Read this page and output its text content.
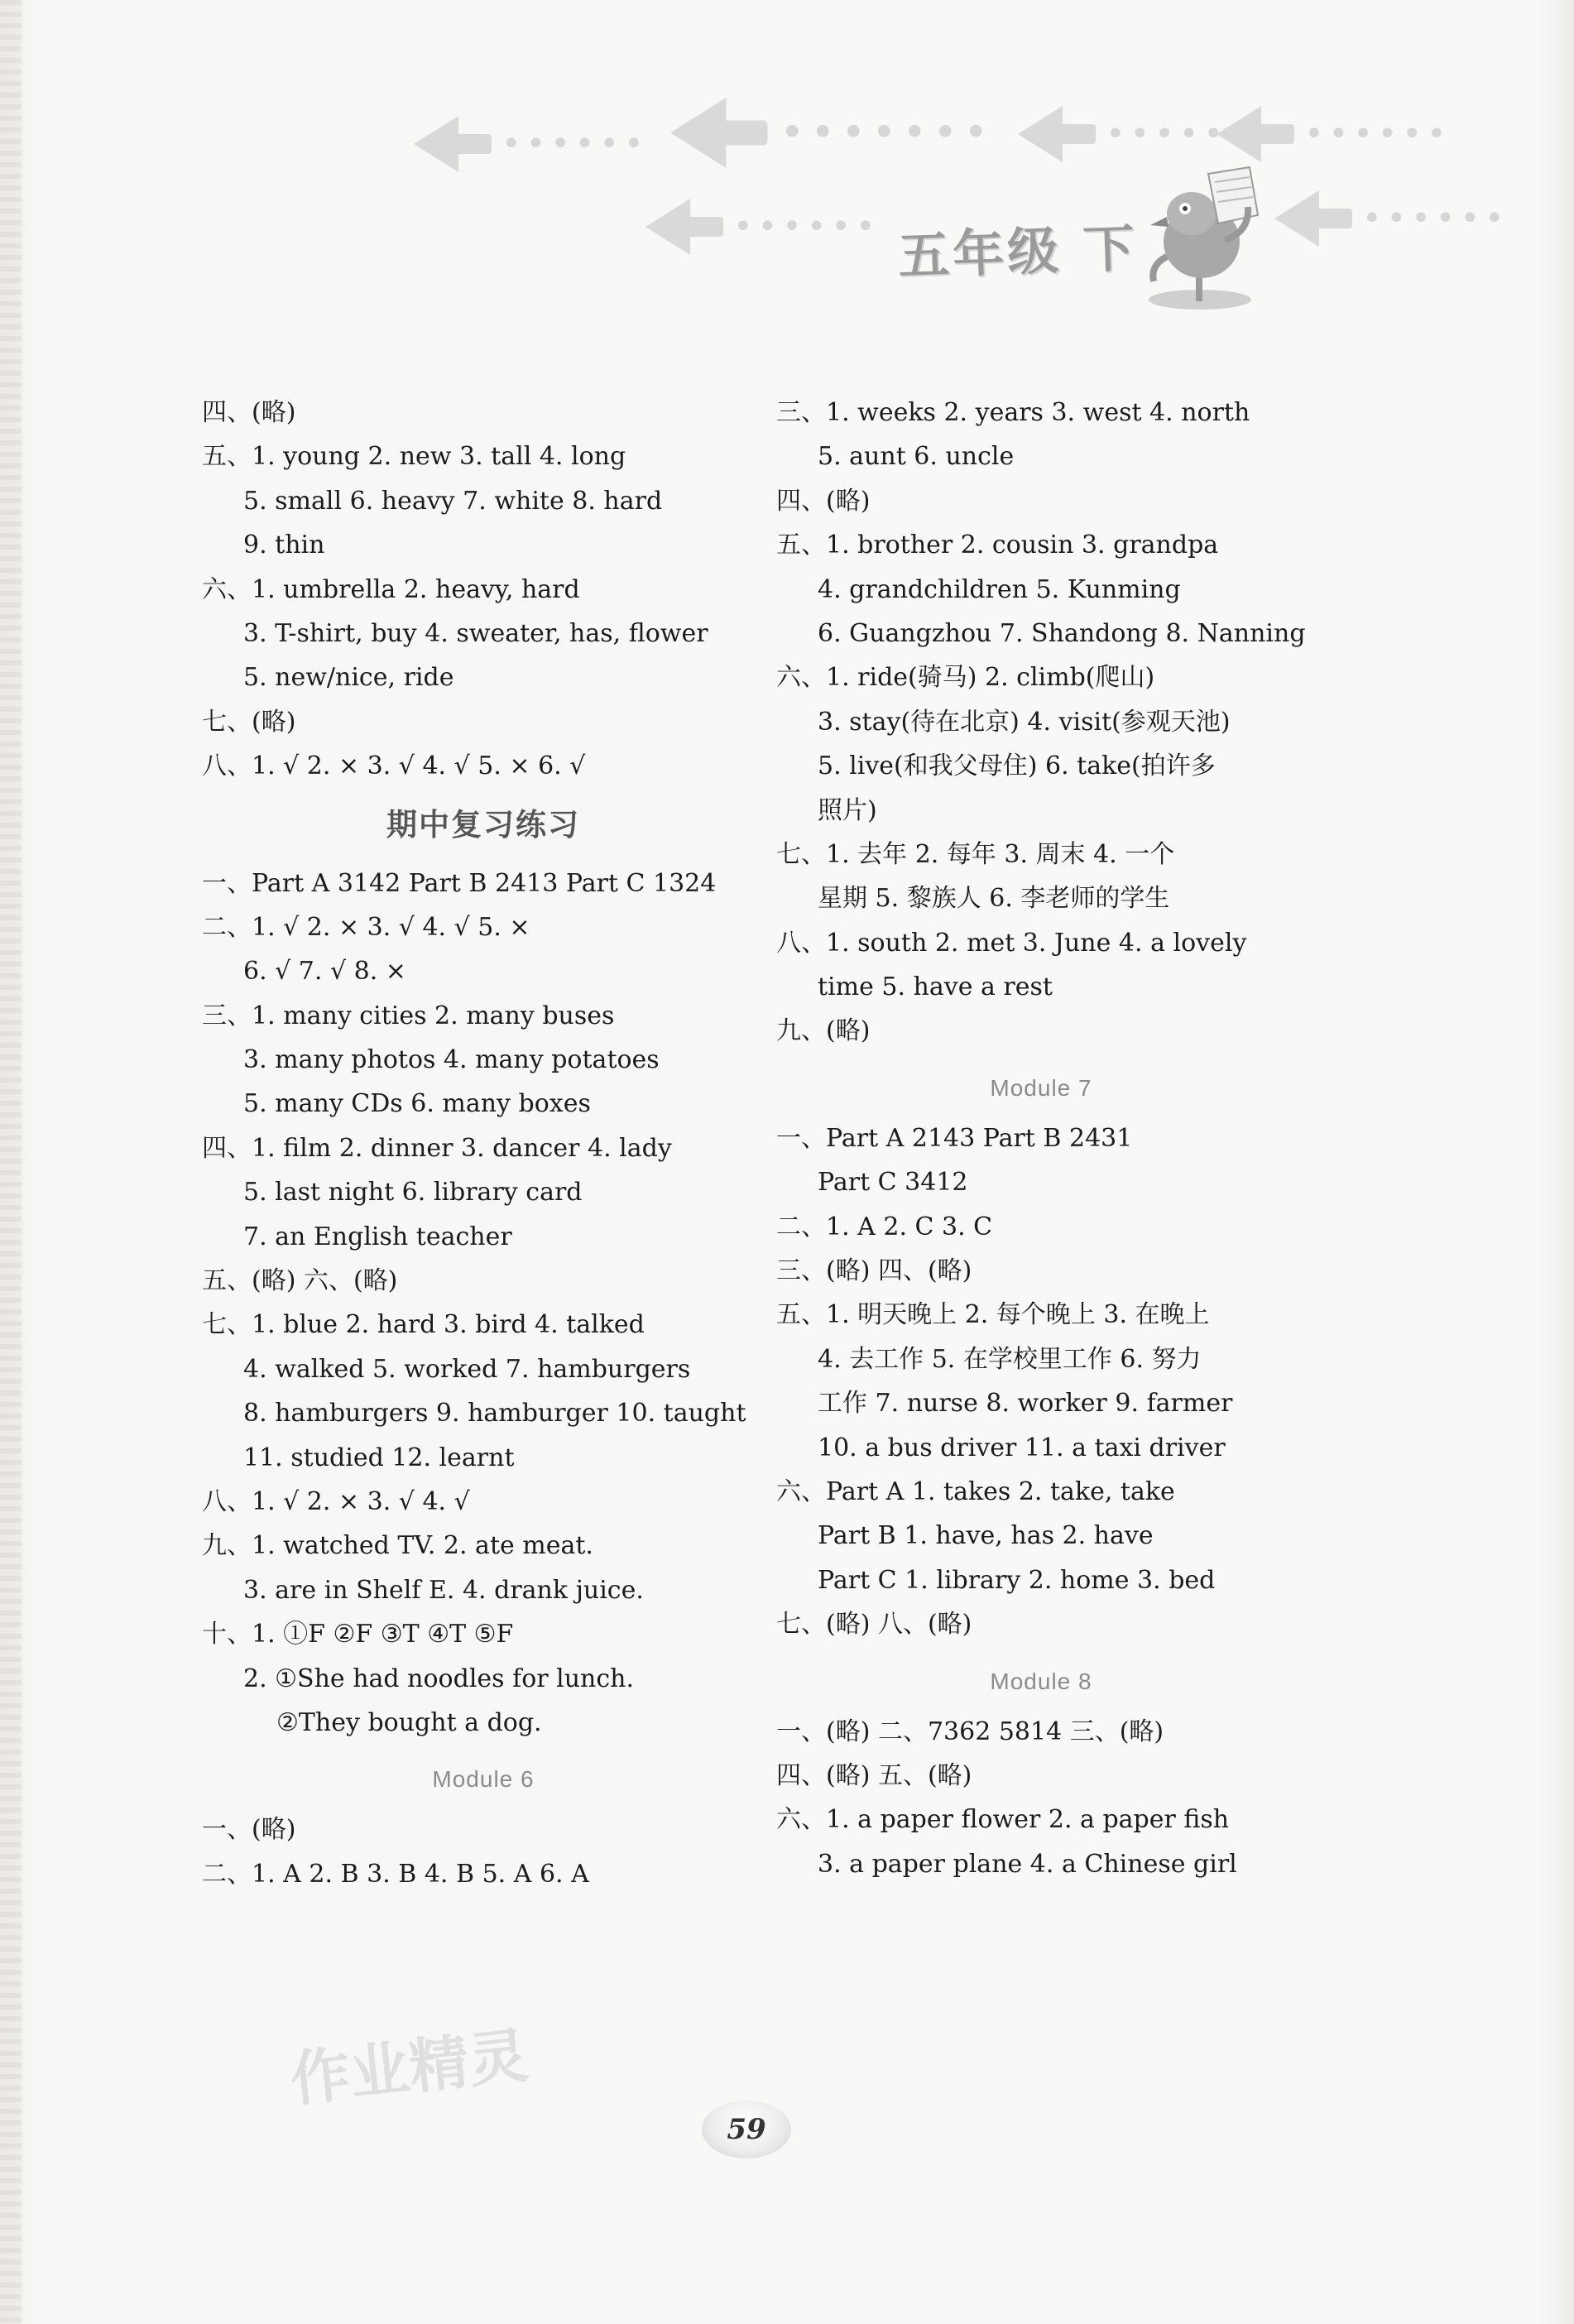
••••••	•••••••	•••••• ••••••
••••••	••••••
五年级 下
四、(略)
五、1. young 2. new 3. tall 4. long
5. small 6. heavy 7. white 8. hard
9. thin
六、1. umbrella 2. heavy, hard
3. T-shirt, buy 4. sweater, has, flower
5. new/nice, ride
七、(略)
八、1. √ 2. × 3. √ 4. √ 5. × 6. √
期中复习练习
一、Part A 3142 Part B 2413 Part C 1324
二、1. √ 2. × 3. √ 4. √ 5. ×
6. √ 7. √ 8. ×
三、1. many cities 2. many buses
3. many photos 4. many potatoes
5. many CDs 6. many boxes
四、1. film 2. dinner 3. dancer 4. lady
5. last night 6. library card
7. an English teacher
五、(略) 六、(略)
七、1. blue 2. hard 3. bird 4. talked
4. walked 5. worked 7. hamburgers
8. hamburgers 9. hamburger 10. taught
11. studied 12. learnt
八、1. √ 2. × 3. √ 4. √
九、1. watched TV. 2. ate meat.
3. are in Shelf E. 4. drank juice.
十、1. ①F ②F ③T ④T ⑤F
2. ①She had noodles for lunch.
②They bought a dog.
Module 6
一、(略)
二、1. A 2. B 3. B 4. B 5. A 6. A
三、1. weeks 2. years 3. west 4. north
5. aunt 6. uncle
四、(略)
五、1. brother 2. cousin 3. grandpa
4. grandchildren 5. Kunming
6. Guangzhou 7. Shandong 8. Nanning
六、1. ride(骑马) 2. climb(爬山)
3. stay(待在北京) 4. visit(参观天池)
5. live(和我父母住) 6. take(拍许多
照片)
七、1. 去年 2. 每年 3. 周末 4. 一个
星期 5. 黎族人 6. 李老师的学生
八、1. south 2. met 3. June 4. a lovely
time 5. have a rest
九、(略)
Module 7
一、Part A 2143 Part B 2431
Part C 3412
二、1. A 2. C 3. C
三、(略) 四、(略)
五、1. 明天晚上 2. 每个晚上 3. 在晚上
4. 去工作 5. 在学校里工作 6. 努力
工作 7. nurse 8. worker 9. farmer
10. a bus driver 11. a taxi driver
六、Part A 1. takes 2. take, take
Part B 1. have, has 2. have
Part C 1. library 2. home 3. bed
七、(略) 八、(略)
Module 8
一、(略) 二、7362 5814 三、(略)
四、(略) 五、(略)
六、1. a paper flower 2. a paper fish
3. a paper plane 4. a Chinese girl
作业精灵
59
